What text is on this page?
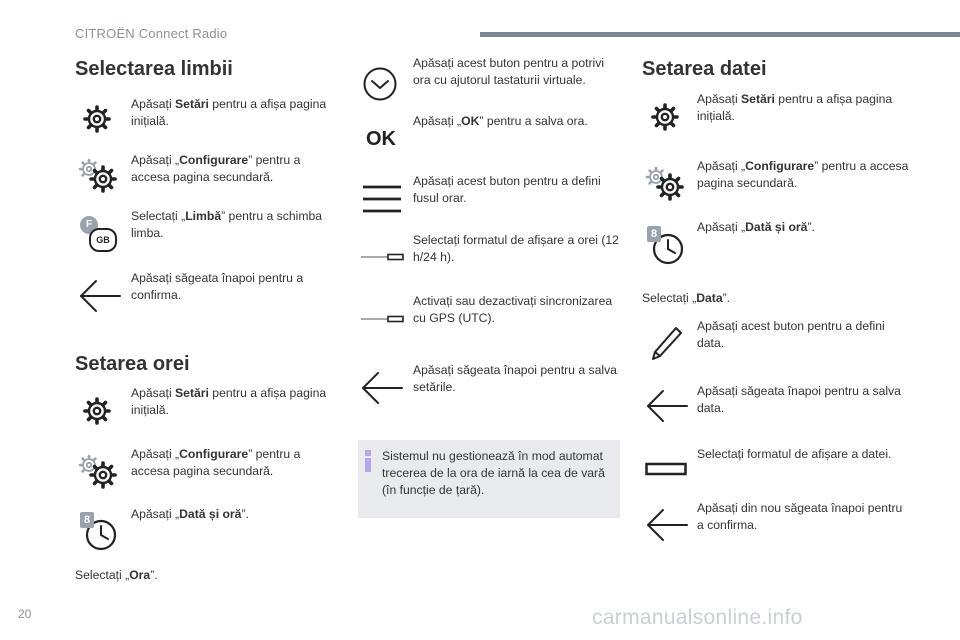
CITROËN Connect Radio
Selectarea limbii
Apăsați Setări pentru a afișa pagina inițială.
Apăsați „Configurare” pentru a accesa pagina secundară.
F
GB
Selectați „Limbă” pentru a schimba limba.
Apăsați săgeata înapoi pentru a confirma.
Setarea orei
Apăsați Setări pentru a afișa pagina inițială.
Apăsați „Configurare” pentru a accesa pagina secundară.
8	Apăsați „Dată și oră”.
Selectați „Ora”.
Apăsați acest buton pentru a potrivi ora cu ajutorul tastaturii virtuale.
OK
Apăsați „OK” pentru a salva ora.
Apăsați acest buton pentru a defini fusul orar.
Selectați formatul de afișare a orei (12 h/24 h).
Activați sau dezactivați sincronizarea cu GPS (UTC).
Apăsați săgeata înapoi pentru a salva setările.
Sistemul nu gestionează în mod automat trecerea de la ora de iarnă la cea de vară (în funcție de țară).
Setarea datei
Apăsați Setări pentru a afișa pagina inițială.
Apăsați „Configurare” pentru a accesa pagina secundară.
8	Apăsați „Dată și oră”.
Selectați „Data”.
Apăsați acest buton pentru a defini data.
Apăsați săgeata înapoi pentru a salva data.
Selectați formatul de afișare a datei.
Apăsați din nou săgeata înapoi pentru a confirma.
20	carmanualsonline.info
